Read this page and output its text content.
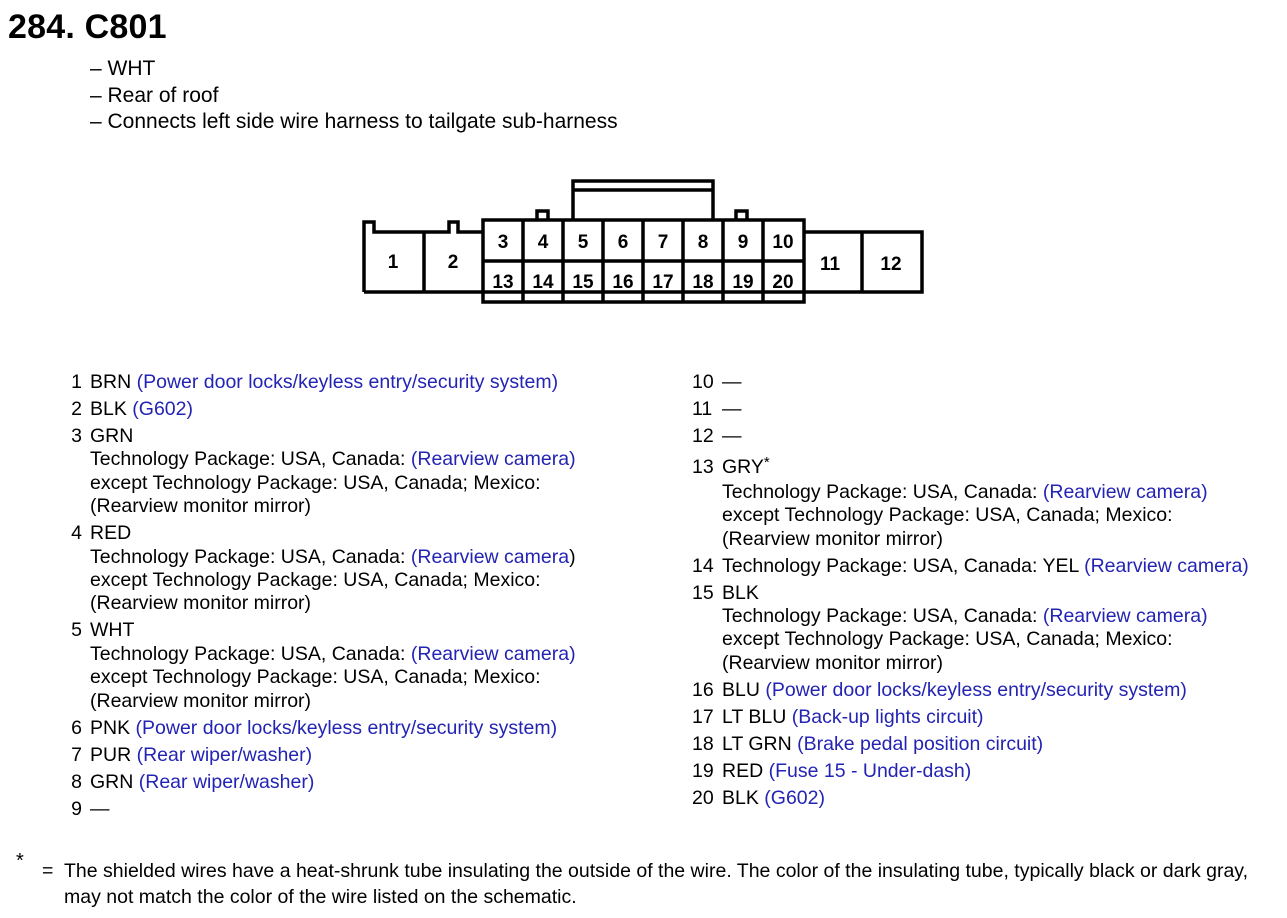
284. C801
– WHT
– Rear of roof
– Connects left side wire harness to tailgate sub-harness
1	2	11 12
3 4 5 6 7 8 9 10
13 14 15 16 17 18 19 20
1 BRN (Power door locks/keyless entry/security system)
2 BLK (G602)
3 GRN
Technology Package: USA, Canada: (Rearview camera)
except Technology Package: USA, Canada; Mexico:
(Rearview monitor mirror)
4 RED
Technology Package: USA, Canada: (Rearview camera)
except Technology Package: USA, Canada; Mexico:
(Rearview monitor mirror)
5 WHT
Technology Package: USA, Canada: (Rearview camera)
except Technology Package: USA, Canada; Mexico:
(Rearview monitor mirror)
6 PNK (Power door locks/keyless entry/security system)
7 PUR (Rear wiper/washer)
8 GRN (Rear wiper/washer)
9 —
10 —
11 —
12 —
13 GRY*
Technology Package: USA, Canada: (Rearview camera)
except Technology Package: USA, Canada; Mexico:
(Rearview monitor mirror)
14 Technology Package: USA, Canada: YEL (Rearview camera)
15 BLK
Technology Package: USA, Canada: (Rearview camera)
except Technology Package: USA, Canada; Mexico:
(Rearview monitor mirror)
16 BLU (Power door locks/keyless entry/security system)
17 LT BLU (Back-up lights circuit)
18 LT GRN (Brake pedal position circuit)
19 RED (Fuse 15 - Under-dash)
20 BLK (G602)
* = The shielded wires have a heat-shrunk tube insulating the outside of the wire. The color of the insulating tube, typically black or dark gray, may not match the color of the wire listed on the schematic.
